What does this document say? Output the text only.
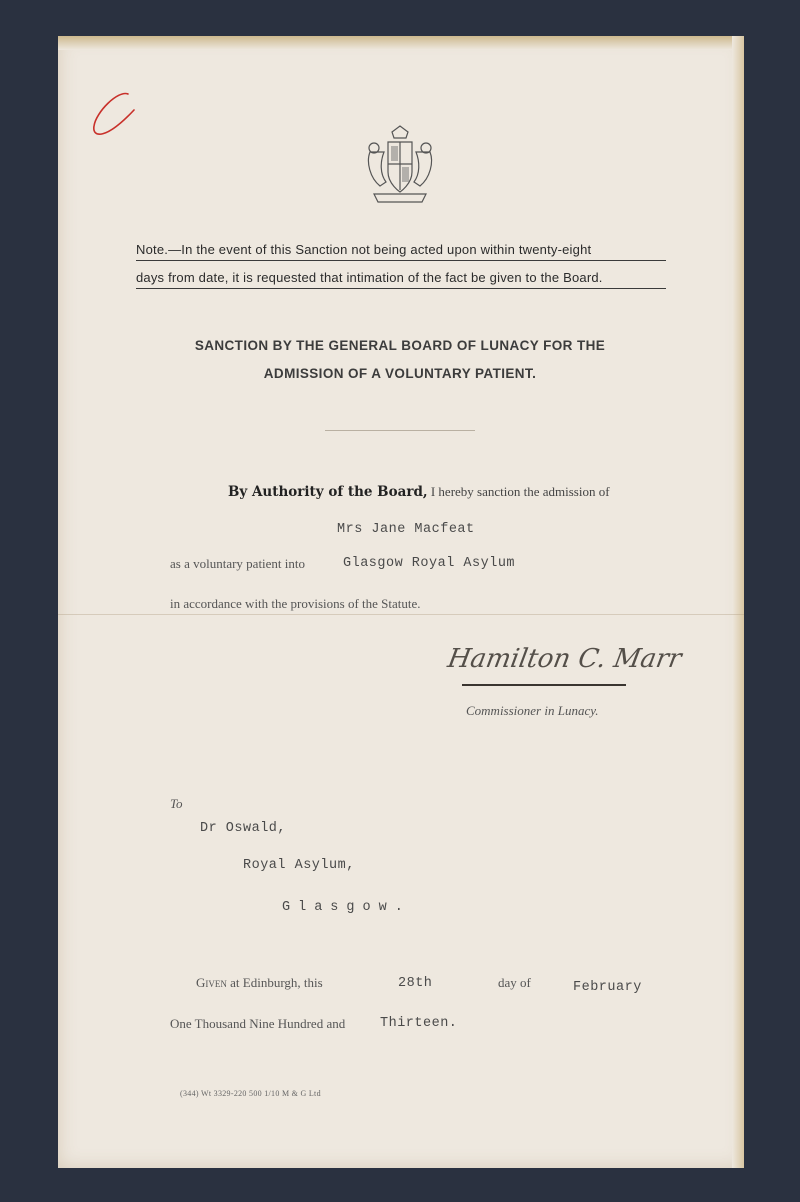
Note.—In the event of this Sanction not being acted upon within twenty-eight
days from date, it is requested that intimation of the fact be given to the Board.
SANCTION BY THE GENERAL BOARD OF LUNACY FOR THE
ADMISSION OF A VOLUNTARY PATIENT.
By Authority of the Board, I hereby sanction the admission of
Mrs Jane Macfeat
as a voluntary patient into	Glasgow Royal Asylum
in accordance with the provisions of the Statute.
Hamilton C. Marr
Commissioner in Lunacy.
To
Dr Oswald,
Royal Asylum,
Glasgow.
Given at Edinburgh, this	28th	day of	February
One Thousand Nine Hundred and	Thirteen.
(344) Wt 3329-220 500 1/10 M & G Ltd
